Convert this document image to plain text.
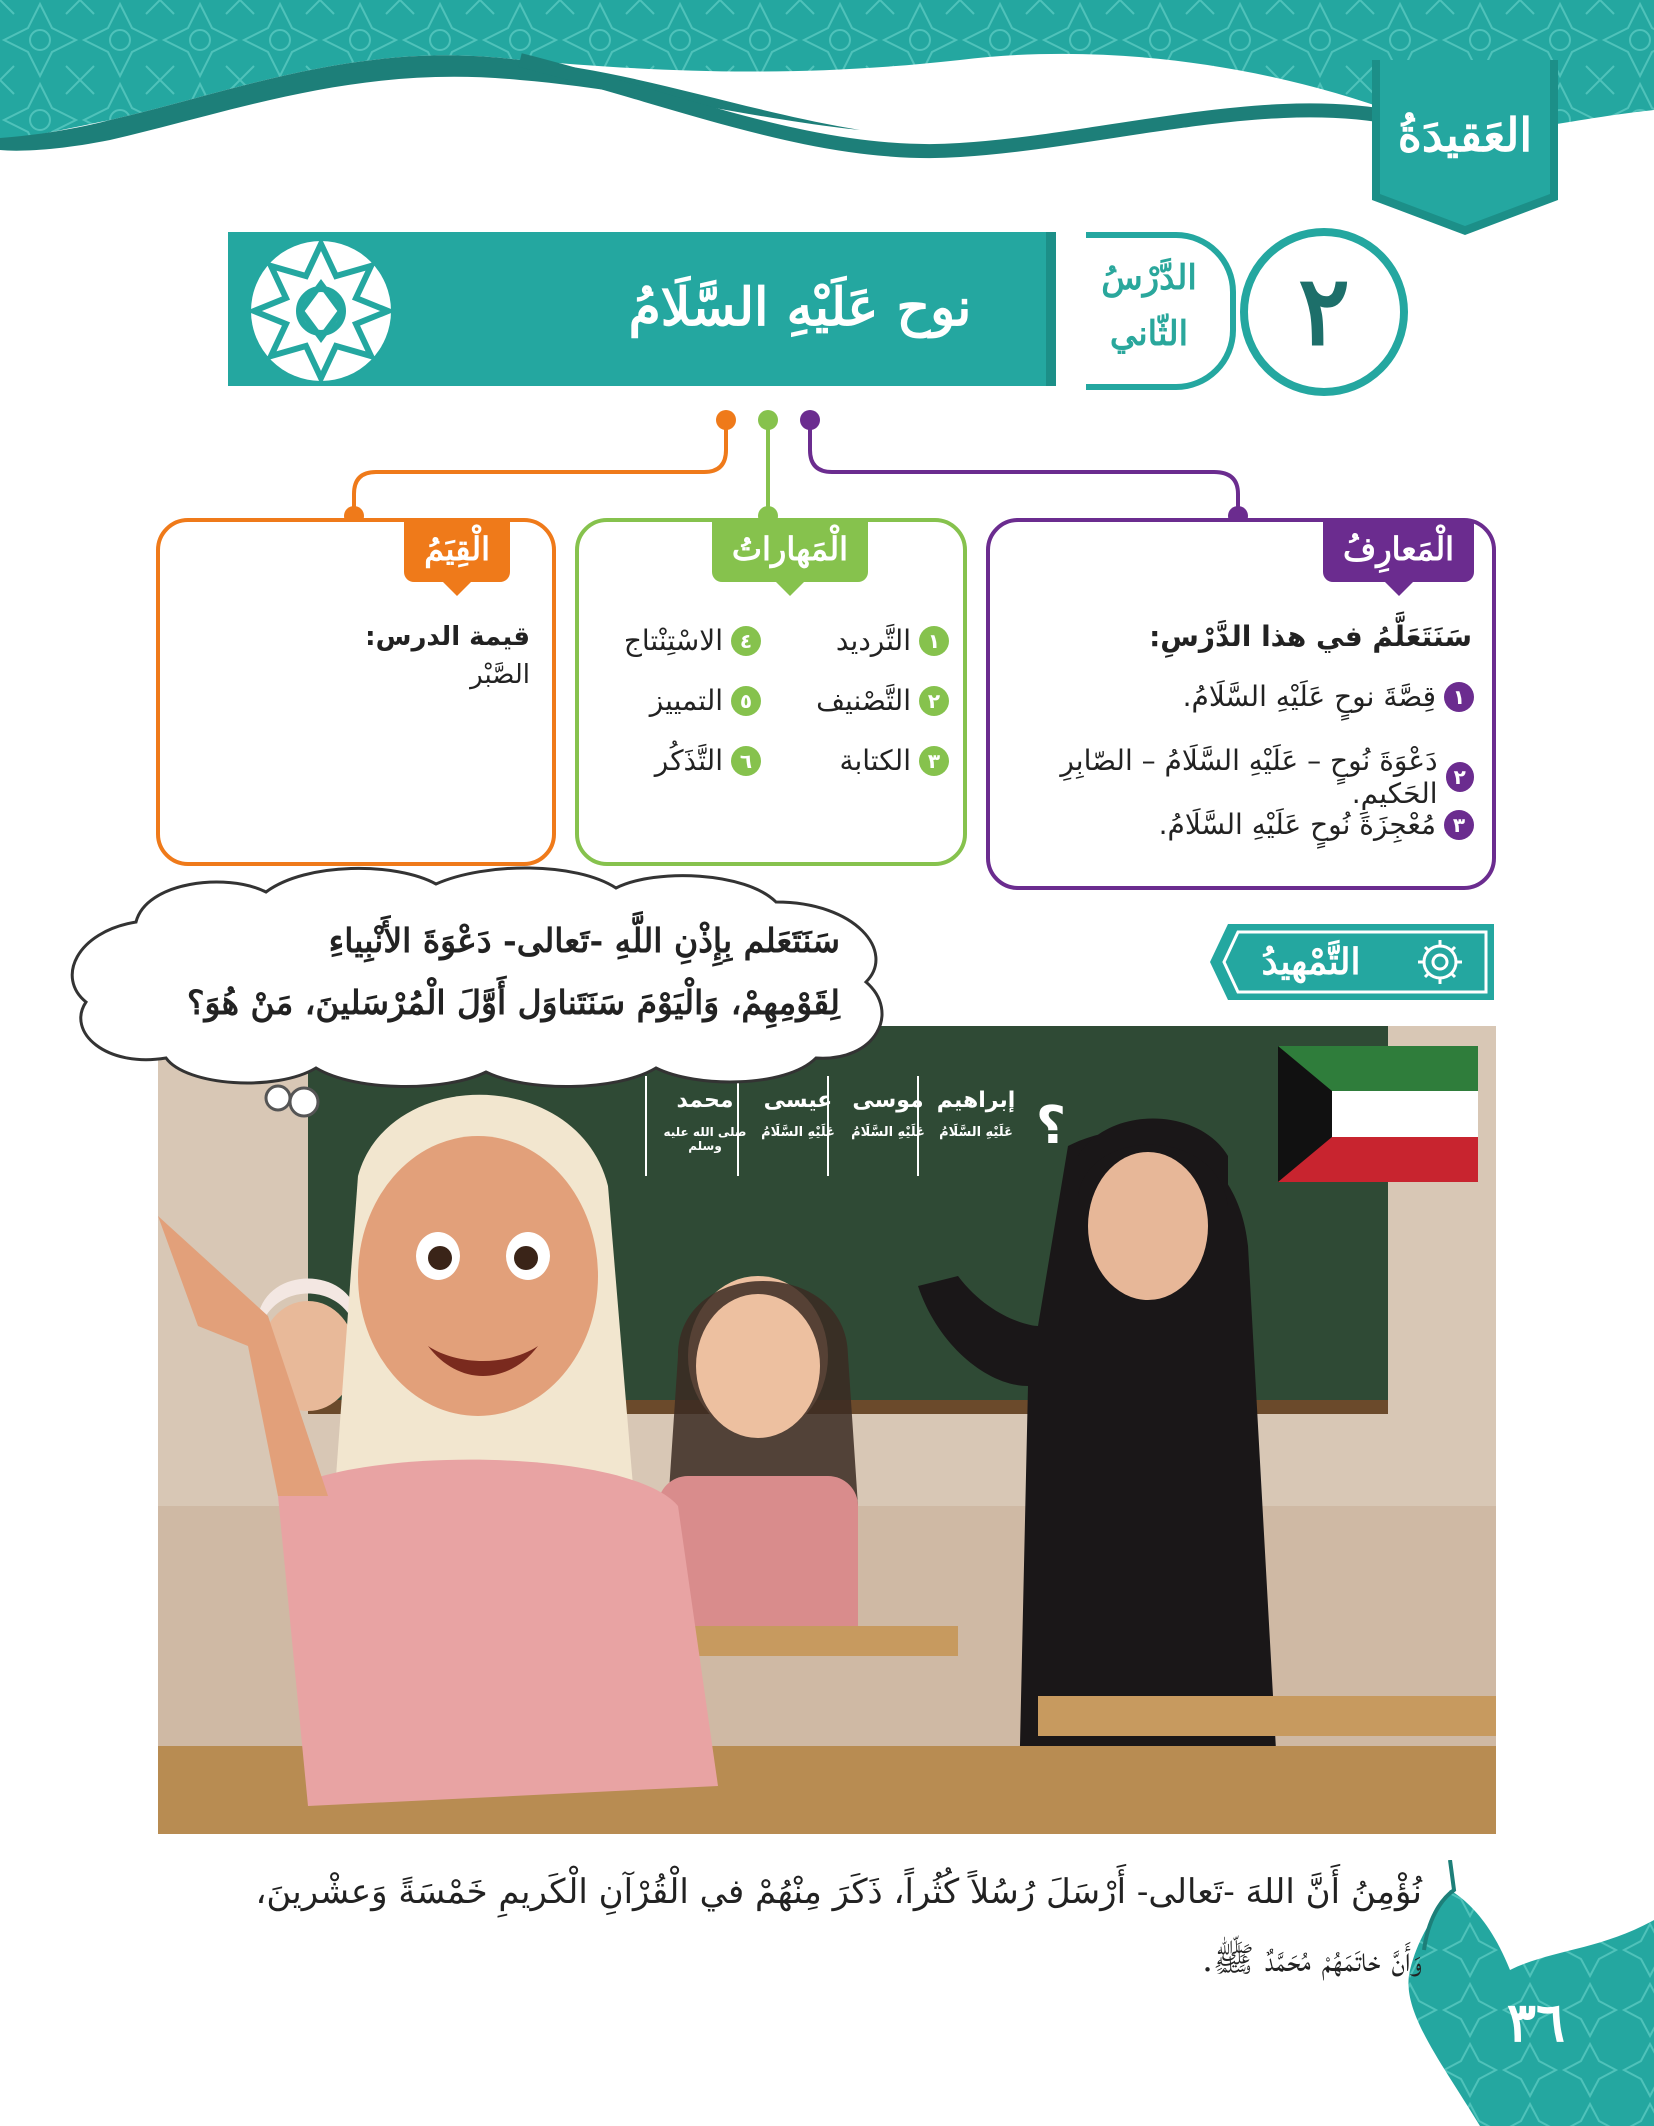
العَقيدَةُ
نوح عَلَيْهِ السَّلَامُ	الدَّرْسُ
الثّاني	٢
الْمَعارِفُ
سَنَتَعَلَّمُ في هذا الدَّرْسِ:
١
قِصَّةَ نوحٍ عَلَيْهِ السَّلَامُ.
٢
دَعْوَةَ نُوحٍ – عَلَيْهِ السَّلَامُ – الصّابِرِ الحَكيمِ.
٣
مُعْجِزَةَ نُوحٍ عَلَيْهِ السَّلَامُ.
الْمَهاراتُ
١
التَّرديد
٢
التَّصْنيف
٣
الكتابة
٤
الاسْتِنْتاج
٥
التمييز
٦
التَّذَكُر
الْقِيَمُ
قيمة الدرس:
الصَّبْر
التَّمْهيدُ
؟
إبراهيم
عَلَيْهِ السَّلَامُ
موسى
عَلَيْهِ السَّلَامُ
عيسى
عَلَيْهِ السَّلَامُ
محمد
صلى الله عليه وسلم
سَنَتَعَلم بِإِذْنِ اللَّهِ -تَعالى- دَعْوَةَ الأَنْبِياءِ
لِقَوْمِهِمْ، وَالْيَوْمَ سَنَتَناوَل أَوَّلَ الْمُرْسَلينَ، مَنْ هُوَ؟
٣٦
نُؤْمِنُ أَنَّ اللهَ -تَعالى- أَرْسَلَ رُسُلاً كُثُراً، ذَكَرَ مِنْهُمْ في الْقُرْآنِ الْكَريمِ خَمْسَةً وَعشْرينَ،
وَأَنَّ خاتَمَهُمْ مُحَمَّدٌ ﷺ.
